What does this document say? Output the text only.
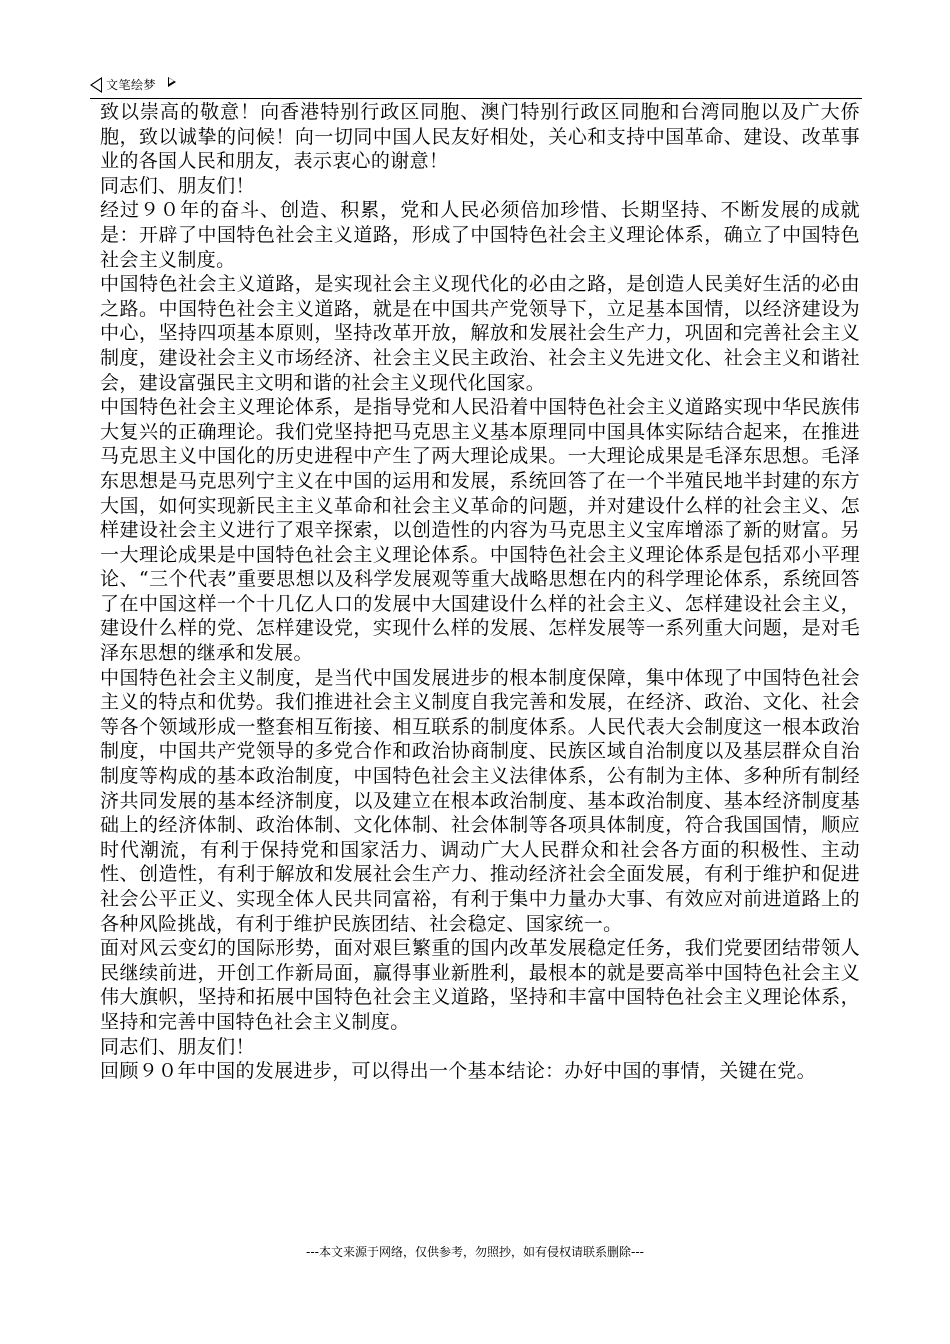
文笔绘梦

致以崇高的敬意！向香港特别行政区同胞、澳门特别行政区同胞和台湾同胞以及广大侨胞，致以诚挚的问候！向一切同中国人民友好相处，关心和支持中国革命、建设、改革事业的各国人民和朋友，表示衷心的谢意！

同志们、朋友们！

经过９０年的奋斗、创造、积累，党和人民必须倍加珍惜、长期坚持、不断发展的成就是：开辟了中国特色社会主义道路，形成了中国特色社会主义理论体系，确立了中国特色社会主义制度。

中国特色社会主义道路，是实现社会主义现代化的必由之路，是创造人民美好生活的必由之路。中国特色社会主义道路，就是在中国共产党领导下，立足基本国情，以经济建设为中心，坚持四项基本原则，坚持改革开放，解放和发展社会生产力，巩固和完善社会主义制度，建设社会主义市场经济、社会主义民主政治、社会主义先进文化、社会主义和谐社会，建设富强民主文明和谐的社会主义现代化国家。

中国特色社会主义理论体系，是指导党和人民沿着中国特色社会主义道路实现中华民族伟大复兴的正确理论。我们党坚持把马克思主义基本原理同中国具体实际结合起来，在推进马克思主义中国化的历史进程中产生了两大理论成果。一大理论成果是毛泽东思想。毛泽东思想是马克思列宁主义在中国的运用和发展，系统回答了在一个半殖民地半封建的东方大国，如何实现新民主主义革命和社会主义革命的问题，并对建设什么样的社会主义、怎样建设社会主义进行了艰辛探索，以创造性的内容为马克思主义宝库增添了新的财富。另一大理论成果是中国特色社会主义理论体系。中国特色社会主义理论体系是包括邓小平理论、“三个代表”重要思想以及科学发展观等重大战略思想在内的科学理论体系，系统回答了在中国这样一个十几亿人口的发展中大国建设什么样的社会主义、怎样建设社会主义，建设什么样的党、怎样建设党，实现什么样的发展、怎样发展等一系列重大问题，是对毛泽东思想的继承和发展。

中国特色社会主义制度，是当代中国发展进步的根本制度保障，集中体现了中国特色社会主义的特点和优势。我们推进社会主义制度自我完善和发展，在经济、政治、文化、社会等各个领域形成一整套相互衔接、相互联系的制度体系。人民代表大会制度这一根本政治制度，中国共产党领导的多党合作和政治协商制度、民族区域自治制度以及基层群众自治制度等构成的基本政治制度，中国特色社会主义法律体系，公有制为主体、多种所有制经济共同发展的基本经济制度，以及建立在根本政治制度、基本政治制度、基本经济制度基础上的经济体制、政治体制、文化体制、社会体制等各项具体制度，符合我国国情，顺应时代潮流，有利于保持党和国家活力、调动广大人民群众和社会各方面的积极性、主动性、创造性，有利于解放和发展社会生产力、推动经济社会全面发展，有利于维护和促进社会公平正义、实现全体人民共同富裕，有利于集中力量办大事、有效应对前进道路上的各种风险挑战，有利于维护民族团结、社会稳定、国家统一。

面对风云变幻的国际形势，面对艰巨繁重的国内改革发展稳定任务，我们党要团结带领人民继续前进，开创工作新局面，赢得事业新胜利，最根本的就是要高举中国特色社会主义伟大旗帜，坚持和拓展中国特色社会主义道路，坚持和丰富中国特色社会主义理论体系，坚持和完善中国特色社会主义制度。

同志们、朋友们！

回顾９０年中国的发展进步，可以得出一个基本结论：办好中国的事情，关键在党。

---本文来源于网络，仅供参考，勿照抄，如有侵权请联系删除---
